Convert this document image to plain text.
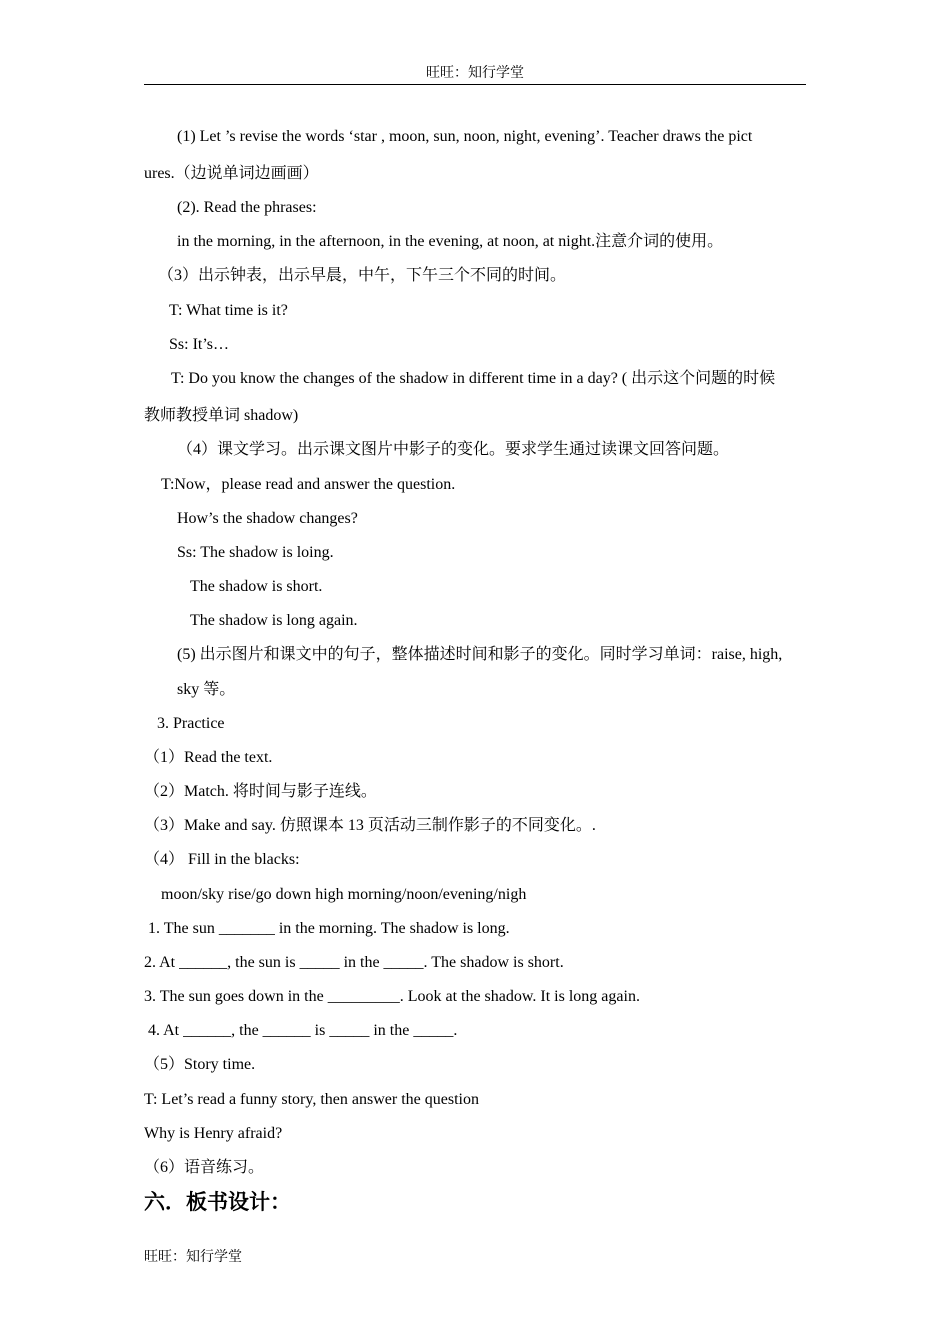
旺旺：知行学堂
(1) Let ’s revise the words ‘star , moon, sun, noon, night, evening’. Teacher draws the pict
ures.（边说单词边画画）
(2). Read the phrases:
in the morning, in the afternoon, in the evening, at noon, at night.注意介词的使用。
（3）出示钟表，出示早晨，中午，下午三个不同的时间。
T: What time is it?
Ss: It’s…
T: Do you know the changes of the shadow in different time in a day? ( 出示这个问题的时候
教师教授单词 shadow)
（4）课文学习。出示课文图片中影子的变化。要求学生通过读课文回答问题。
T:Now，please read and answer the question.
How’s the shadow changes?
Ss: The shadow is loing.
The shadow is short.
The shadow is long again.
(5) 出示图片和课文中的句子，整体描述时间和影子的变化。同时学习单词：raise, high,
sky 等。
3. Practice
（1）Read the text.
（2）Match. 将时间与影子连线。
（3）Make and say. 仿照课本 13 页活动三制作影子的不同变化。.
（4） Fill in the blacks:
moon/sky rise/go down high morning/noon/evening/nigh
1. The sun _______ in the morning. The shadow is long.
2. At ______, the sun is _____ in the _____. The shadow is short.
3. The sun goes down in the _________. Look at the shadow. It is long again.
4. At ______, the ______ is _____ in the _____.
（5）Story time.
T: Let’s read a funny story, then answer the question
Why is Henry afraid?
（6）语音练习。
六．板书设计：
旺旺：知行学堂
